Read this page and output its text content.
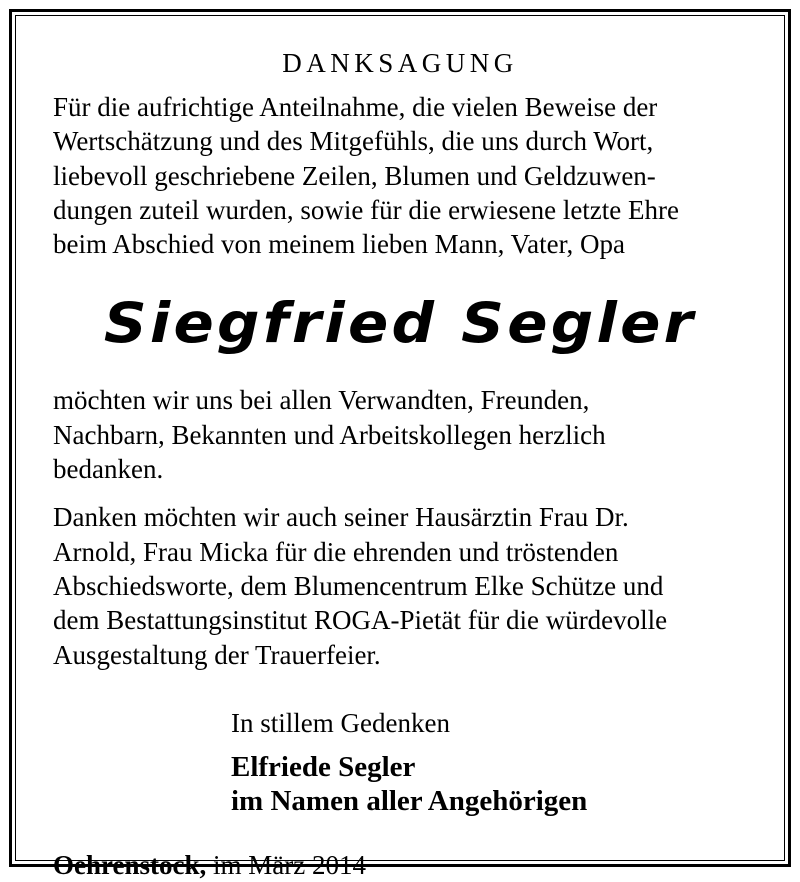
DANKSAGUNG

Für die aufrichtige Anteilnahme, die vielen Beweise der
Wertschätzung und des Mitgefühls, die uns durch Wort,
liebevoll geschriebene Zeilen, Blumen und Geldzuwen-
dungen zuteil wurden, sowie für die erwiesene letzte Ehre
beim Abschied von meinem lieben Mann, Vater, Opa

Siegfried Segler

möchten wir uns bei allen Verwandten, Freunden,
Nachbarn, Bekannten und Arbeitskollegen herzlich
bedanken.

Danken möchten wir auch seiner Hausärztin Frau Dr.
Arnold, Frau Micka für die ehrenden und tröstenden
Abschiedsworte, dem Blumencentrum Elke Schütze und
dem Bestattungsinstitut ROGA-Pietät für die würdevolle
Ausgestaltung der Trauerfeier.

In stillem Gedenken
Elfriede Segler
im Namen aller Angehörigen
Oehrenstock, im März 2014
